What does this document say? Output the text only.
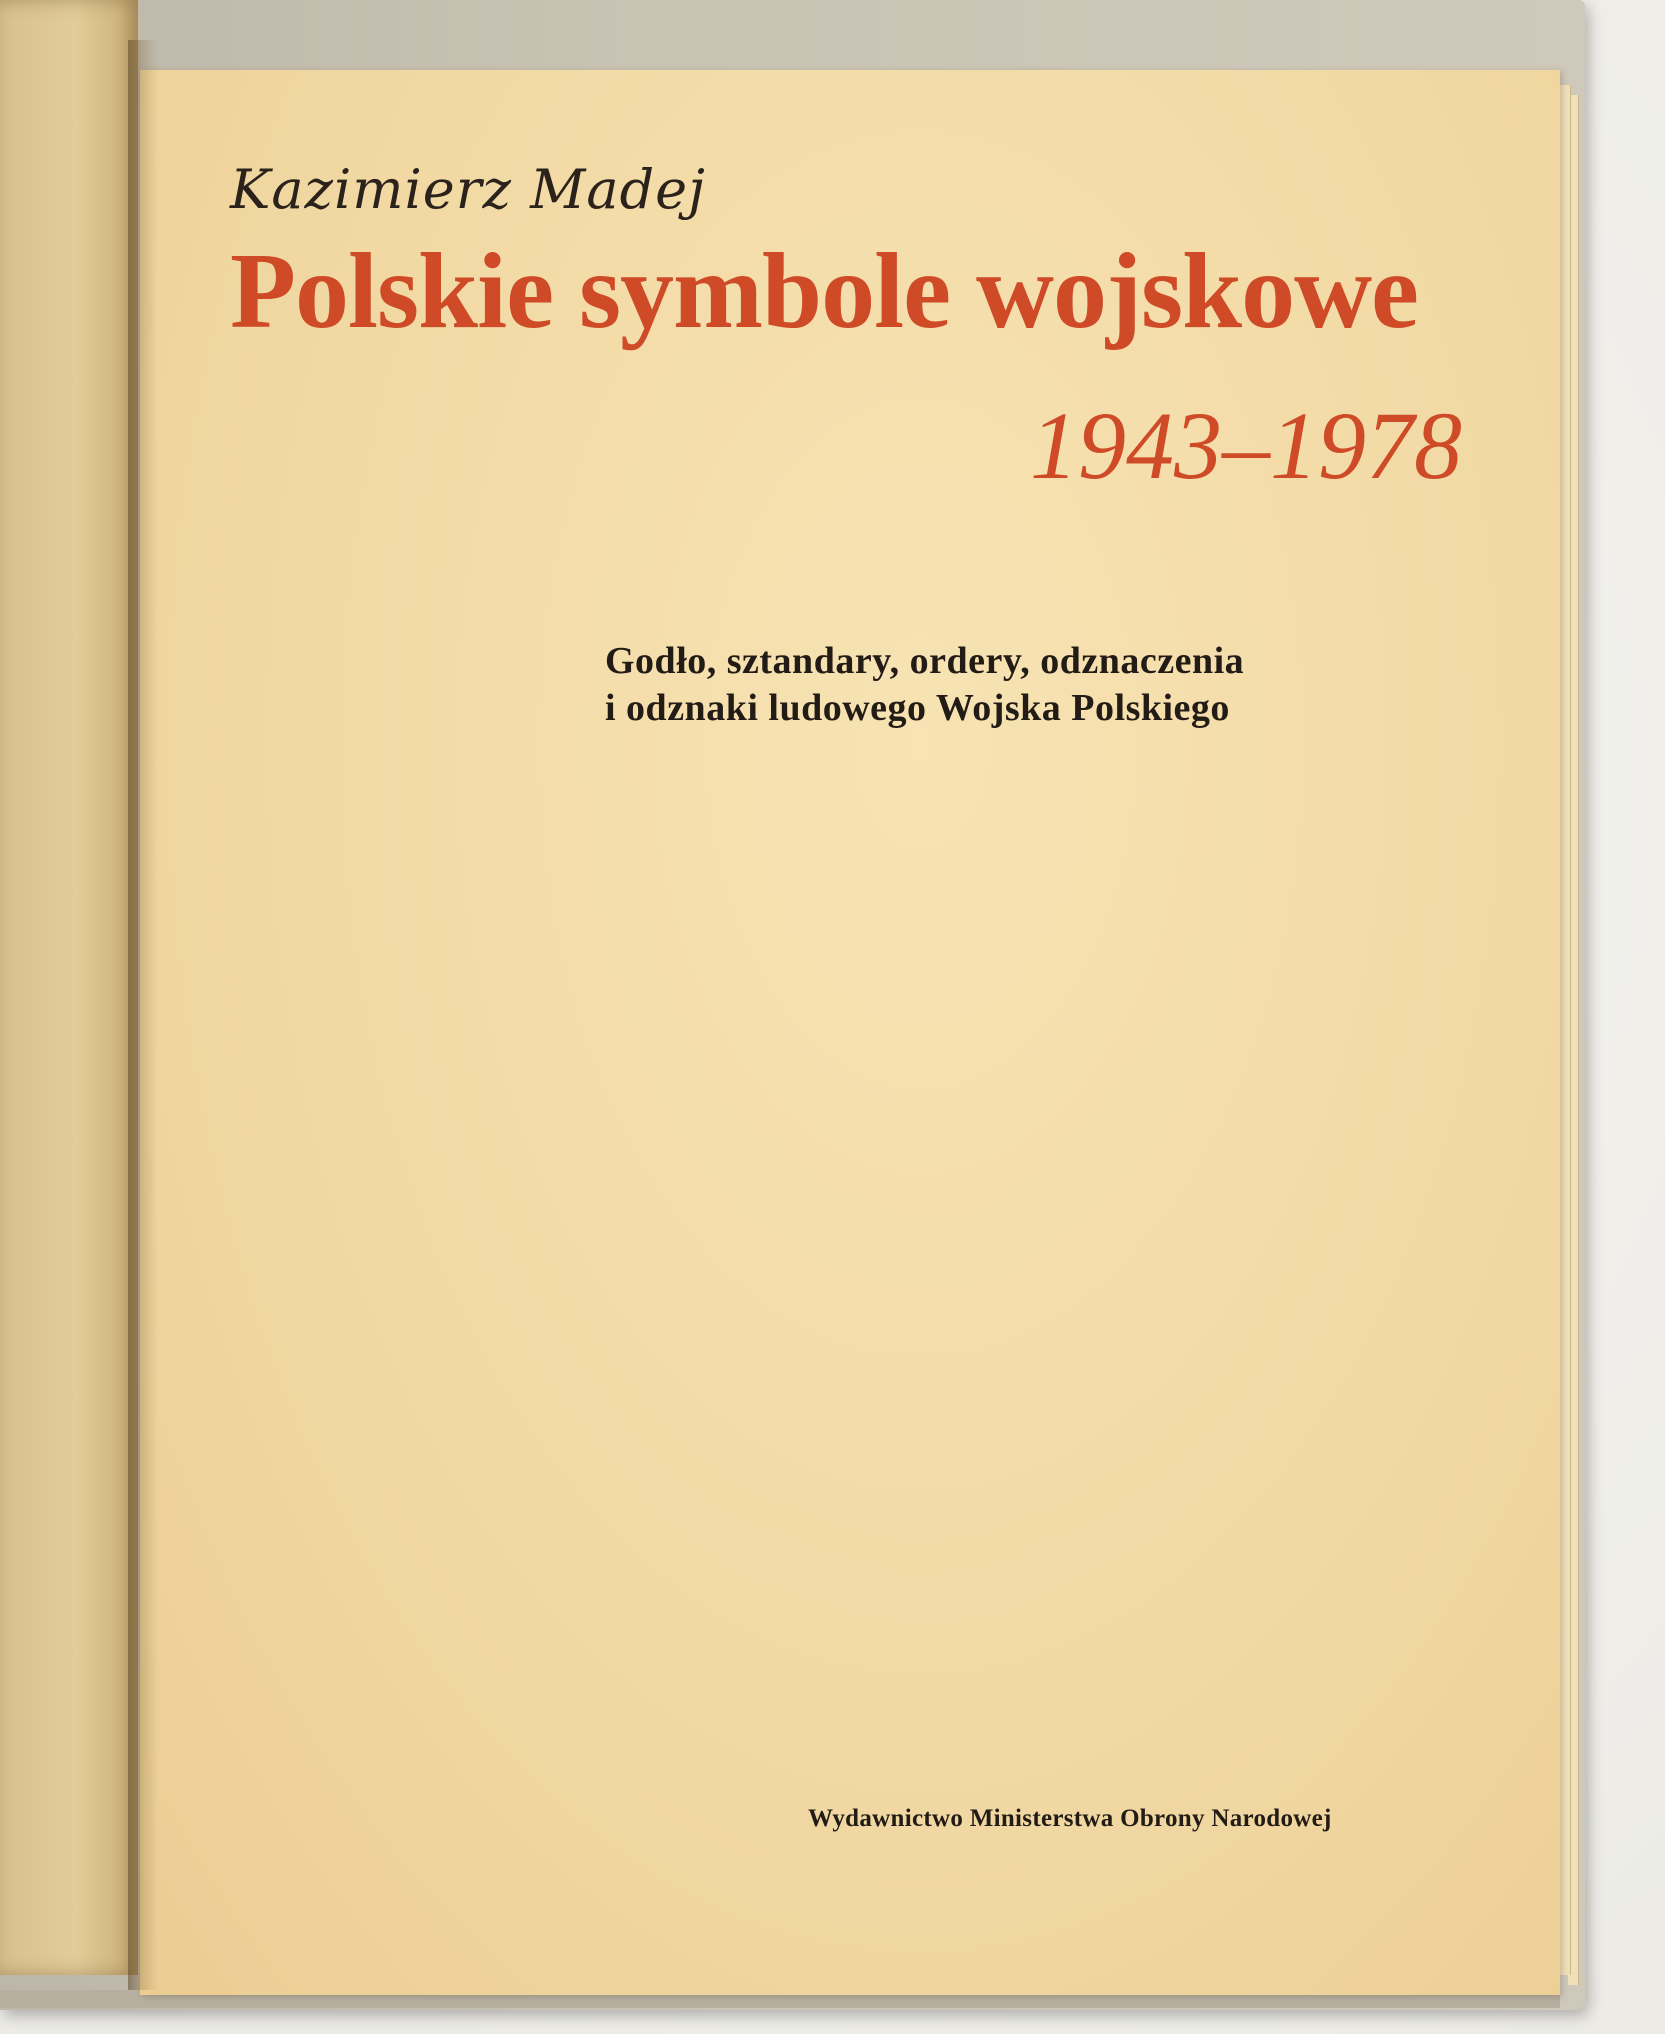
Kazimierz Madej
Polskie symbole wojskowe
1943–1978
Godło, sztandary, ordery, odznaczenia
i odznaki ludowego Wojska Polskiego
Wydawnictwo Ministerstwa Obrony Narodowej
